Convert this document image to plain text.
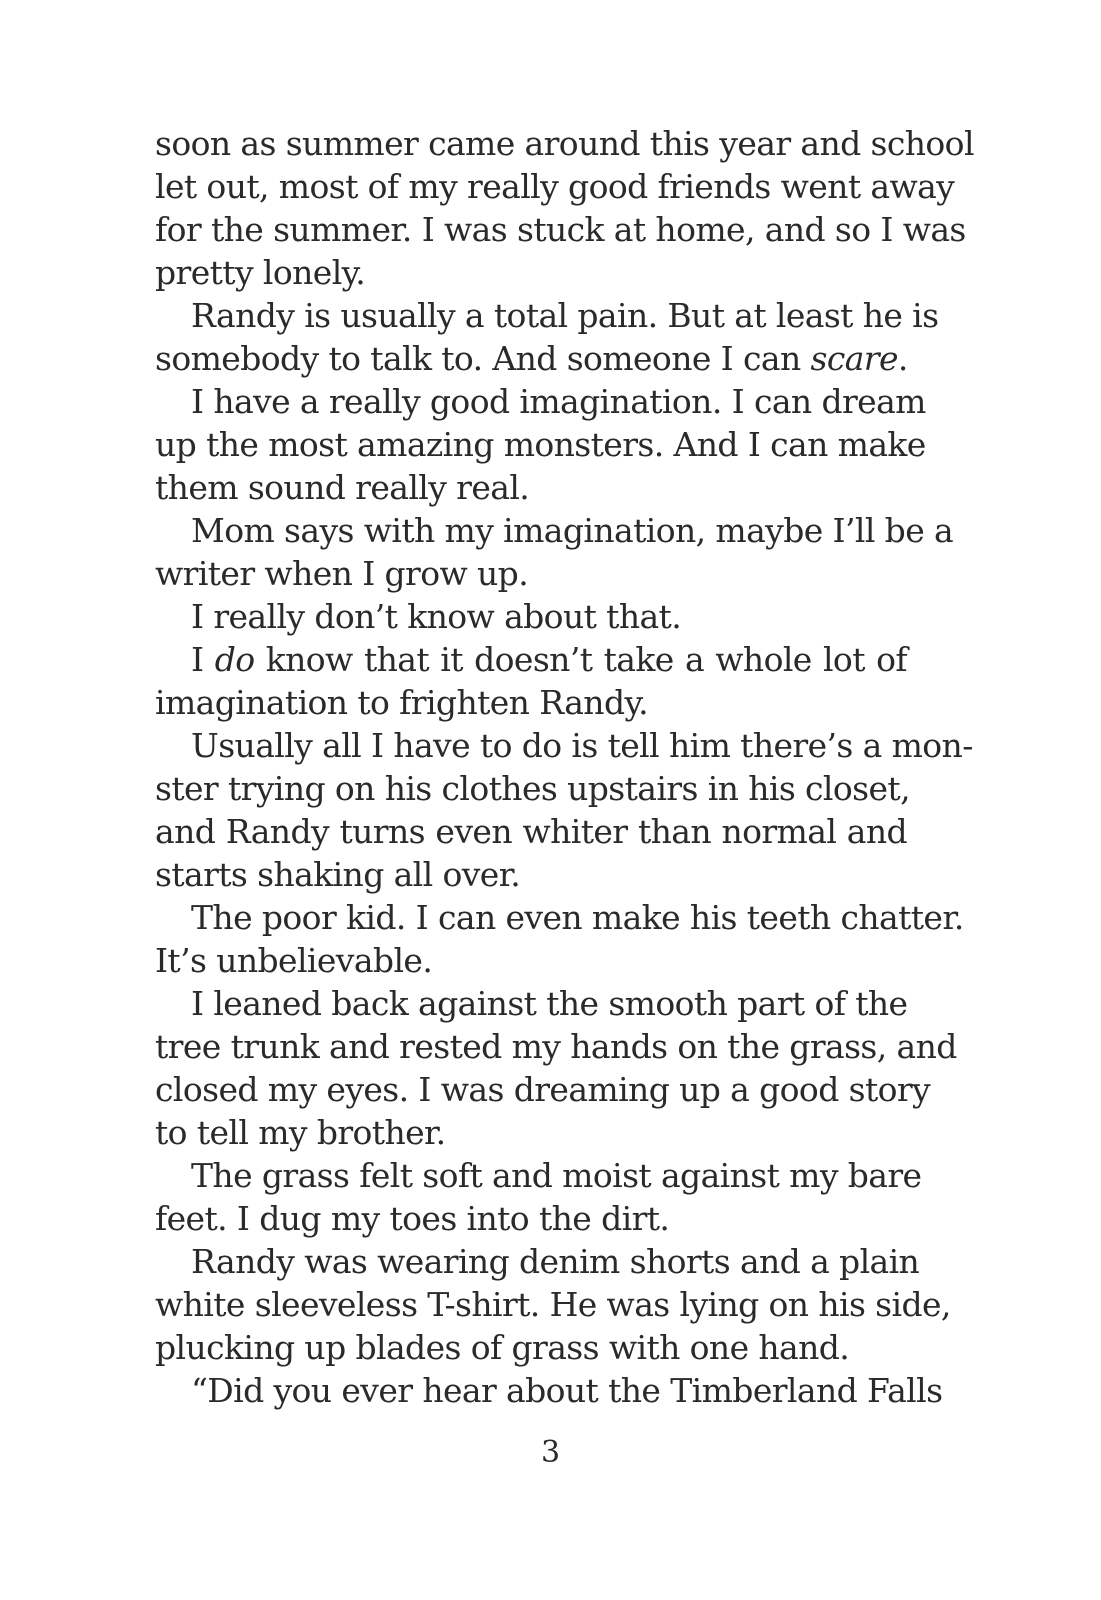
soon as summer came around this year and school
let out, most of my really good friends went away
for the summer. I was stuck at home, and so I was
pretty lonely.
Randy is usually a total pain. But at least he is
somebody to talk to. And someone I can scare.
I have a really good imagination. I can dream
up the most amazing monsters. And I can make
them sound really real.
Mom says with my imagination, maybe I’ll be a
writer when I grow up.
I really don’t know about that.
I do know that it doesn’t take a whole lot of
imagination to frighten Randy.
Usually all I have to do is tell him there’s a mon-
ster trying on his clothes upstairs in his closet,
and Randy turns even whiter than normal and
starts shaking all over.
The poor kid. I can even make his teeth chatter.
It’s unbelievable.
I leaned back against the smooth part of the
tree trunk and rested my hands on the grass, and
closed my eyes. I was dreaming up a good story
to tell my brother.
The grass felt soft and moist against my bare
feet. I dug my toes into the dirt.
Randy was wearing denim shorts and a plain
white sleeveless T-shirt. He was lying on his side,
plucking up blades of grass with one hand.
“Did you ever hear about the Timberland Falls
3
